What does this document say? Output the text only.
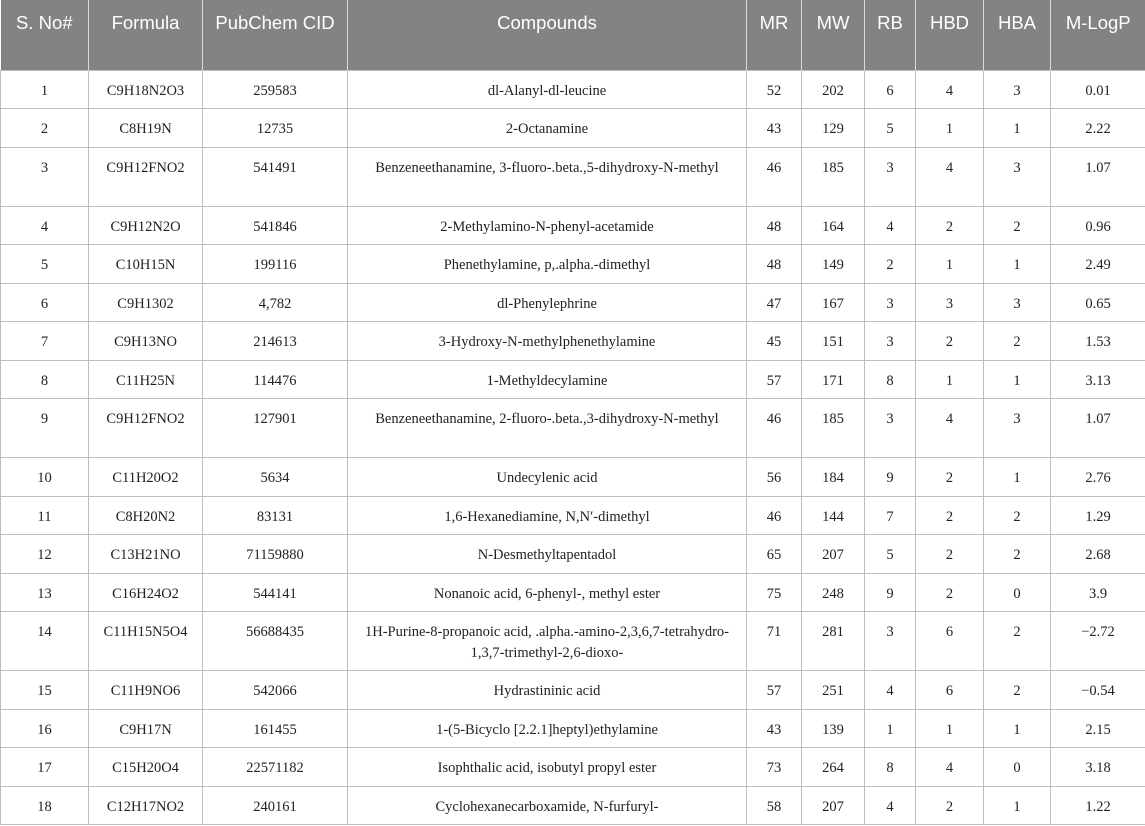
S. No#	Formula	PubChem CID	Compounds	MR	MW	RB	HBD	HBA	M-LogP

1	C9H18N2O3	259583	dl-Alanyl-dl-leucine	52	202	6	4	3	0.01
2	C8H19N	12735	2-Octanamine	43	129	5	1	1	2.22
3	C9H12FNO2	541491	Benzeneethanamine, 3-fluoro-.beta.,5-dihydroxy-N-methyl	46	185	3	4	3	1.07
4	C9H12N2O	541846	2-Methylamino-N-phenyl-acetamide	48	164	4	2	2	0.96
5	C10H15N	199116	Phenethylamine, p,.alpha.-dimethyl	48	149	2	1	1	2.49
6	C9H1302	4,782	dl-Phenylephrine	47	167	3	3	3	0.65
7	C9H13NO	214613	3-Hydroxy-N-methylphenethylamine	45	151	3	2	2	1.53
8	C11H25N	114476	1-Methyldecylamine	57	171	8	1	1	3.13
9	C9H12FNO2	127901	Benzeneethanamine, 2-fluoro-.beta.,3-dihydroxy-N-methyl	46	185	3	4	3	1.07
10	C11H20O2	5634	Undecylenic acid	56	184	9	2	1	2.76
11	C8H20N2	83131	1,6-Hexanediamine, N,N′-dimethyl	46	144	7	2	2	1.29
12	C13H21NO	71159880	N-Desmethyltapentadol	65	207	5	2	2	2.68
13	C16H24O2	544141	Nonanoic acid, 6-phenyl-, methyl ester	75	248	9	2	0	3.9
14	C11H15N5O4	56688435	1H-Purine-8-propanoic acid, .alpha.-amino-2,3,6,7-tetrahydro-1,3,7-trimethyl-2,6-dioxo-	71	281	3	6	2	−2.72
15	C11H9NO6	542066	Hydrastininic acid	57	251	4	6	2	−0.54
16	C9H17N	161455	1-(5-Bicyclo [2.2.1]heptyl)ethylamine	43	139	1	1	1	2.15
17	C15H20O4	22571182	Isophthalic acid, isobutyl propyl ester	73	264	8	4	0	3.18
18	C12H17NO2	240161	Cyclohexanecarboxamide, N-furfuryl-	58	207	4	2	1	1.22
